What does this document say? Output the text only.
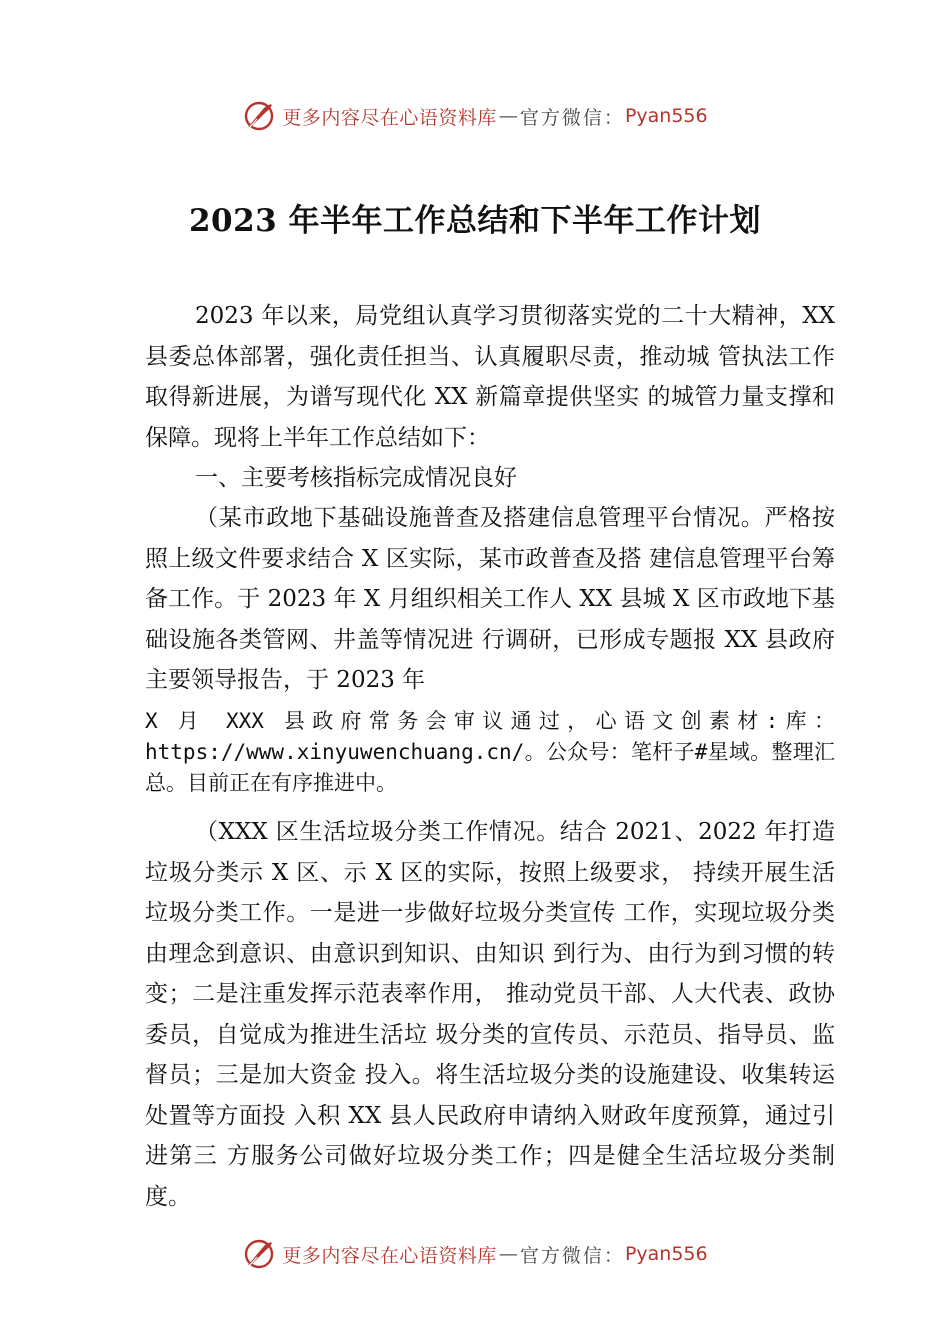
更多内容尽在心语资料库 — 官方微信： Pyan556
2023 年半年工作总结和下半年工作计划

2023 年以来，局党组认真学习贯彻落实党的二十大精神，XX 县委总体部署，强化责任担当、认真履职尽责，推动城 管执法工作取得新进展，为谱写现代化 XX 新篇章提供坚实 的城管力量支撑和保障。现将上半年工作总结如下：

一、主要考核指标完成情况良好

（某市政地下基础设施普查及搭建信息管理平台情况。严格按照上级文件要求结合 X 区实际，某市政普查及搭 建信息管理平台筹备工作。于 2023 年 X 月组织相关工作人 XX 县城 X 区市政地下基础设施各类管网、井盖等情况进 行调研，已形成专题报 XX 县政府主要领导报告，于 2023 年

X 月 XXX 县政府常务会审议通过，心语文创素材:库：https://www.xinyuwenchuang.cn/。公众号：笔杆子#星域。整理汇总。目前正在有序推进中。

（XXX 区生活垃圾分类工作情况。结合 2021、2022 年打造垃圾分类示 X 区、示 X 区的实际，按照上级要求， 持续开展生活垃圾分类工作。一是进一步做好垃圾分类宣传 工作，实现垃圾分类由理念到意识、由意识到知识、由知识 到行为、由行为到习惯的转变；二是注重发挥示范表率作用， 推动党员干部、人大代表、政协委员，自觉成为推进生活垃 圾分类的宣传员、示范员、指导员、监督员；三是加大资金 投入。将生活垃圾分类的设施建设、收集转运处置等方面投 入积 XX 县人民政府申请纳入财政年度预算，通过引进第三 方服务公司做好垃圾分类工作；四是健全生活垃圾分类制度。

更多内容尽在心语资料库 — 官方微信： Pyan556
